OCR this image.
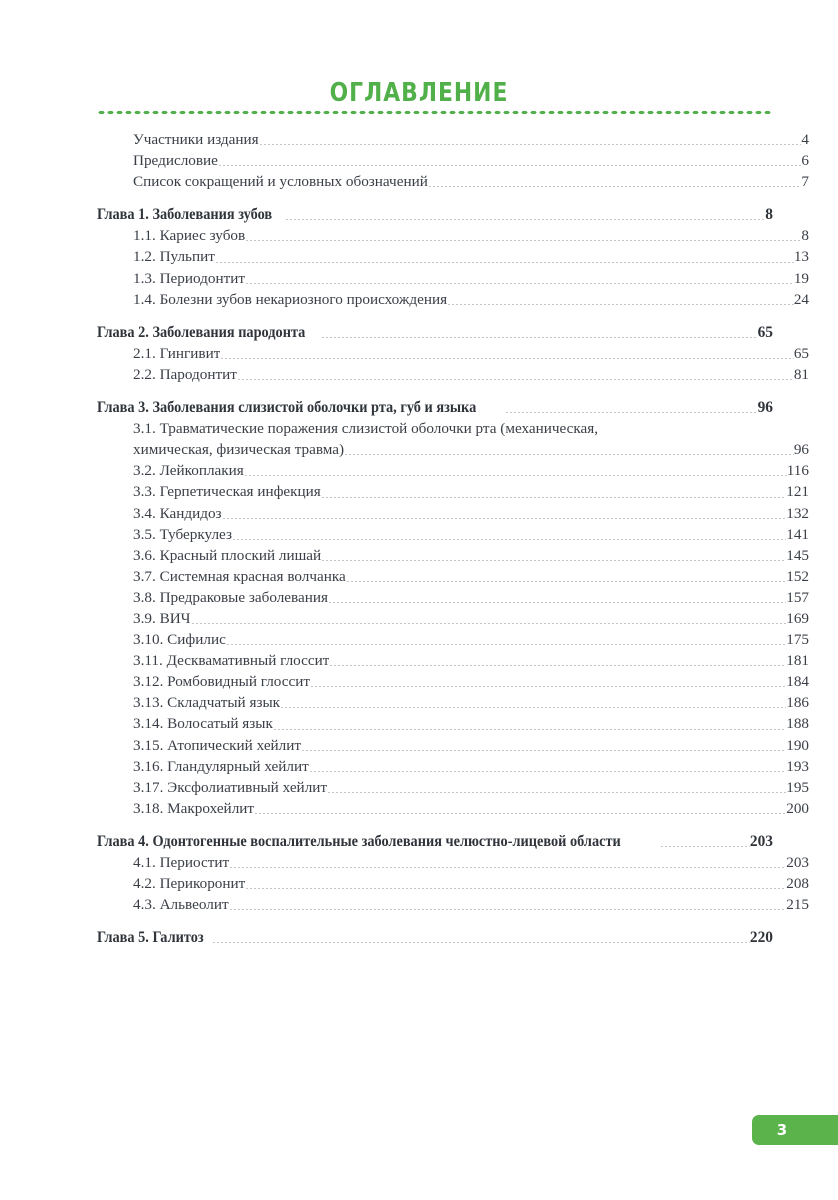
ОГЛАВЛЕНИЕ
Участники издания	4
Предисловие	6
Список сокращений и условных обозначений	7
Глава 1. Заболевания зубов	8
1.1. Кариес зубов	8
1.2. Пульпит	13
1.3. Периодонтит	19
1.4. Болезни зубов некариозного происхождения	24
Глава 2. Заболевания пародонта	65
2.1. Гингивит	65
2.2. Пародонтит	81
Глава 3. Заболевания слизистой оболочки рта, губ и языка	96
3.1. Травматические поражения слизистой оболочки рта (механическая,
химическая, физическая травма)	96
3.2. Лейкоплакия	116
3.3. Герпетическая инфекция	121
3.4. Кандидоз	132
3.5. Туберкулез	141
3.6. Красный плоский лишай	145
3.7. Системная красная волчанка	152
3.8. Предраковые заболевания	157
3.9. ВИЧ	169
3.10. Сифилис	175
3.11. Десквамативный глоссит	181
3.12. Ромбовидный глоссит	184
3.13. Складчатый язык	186
3.14. Волосатый язык	188
3.15. Атопический хейлит	190
3.16. Гландулярный хейлит	193
3.17. Эксфолиативный хейлит	195
3.18. Макрохейлит	200
Глава 4. Одонтогенные воспалительные заболевания челюстно-лицевой области	203
4.1. Периостит	203
4.2. Перикоронит	208
4.3. Альвеолит	215
Глава 5. Галитоз	220
3
